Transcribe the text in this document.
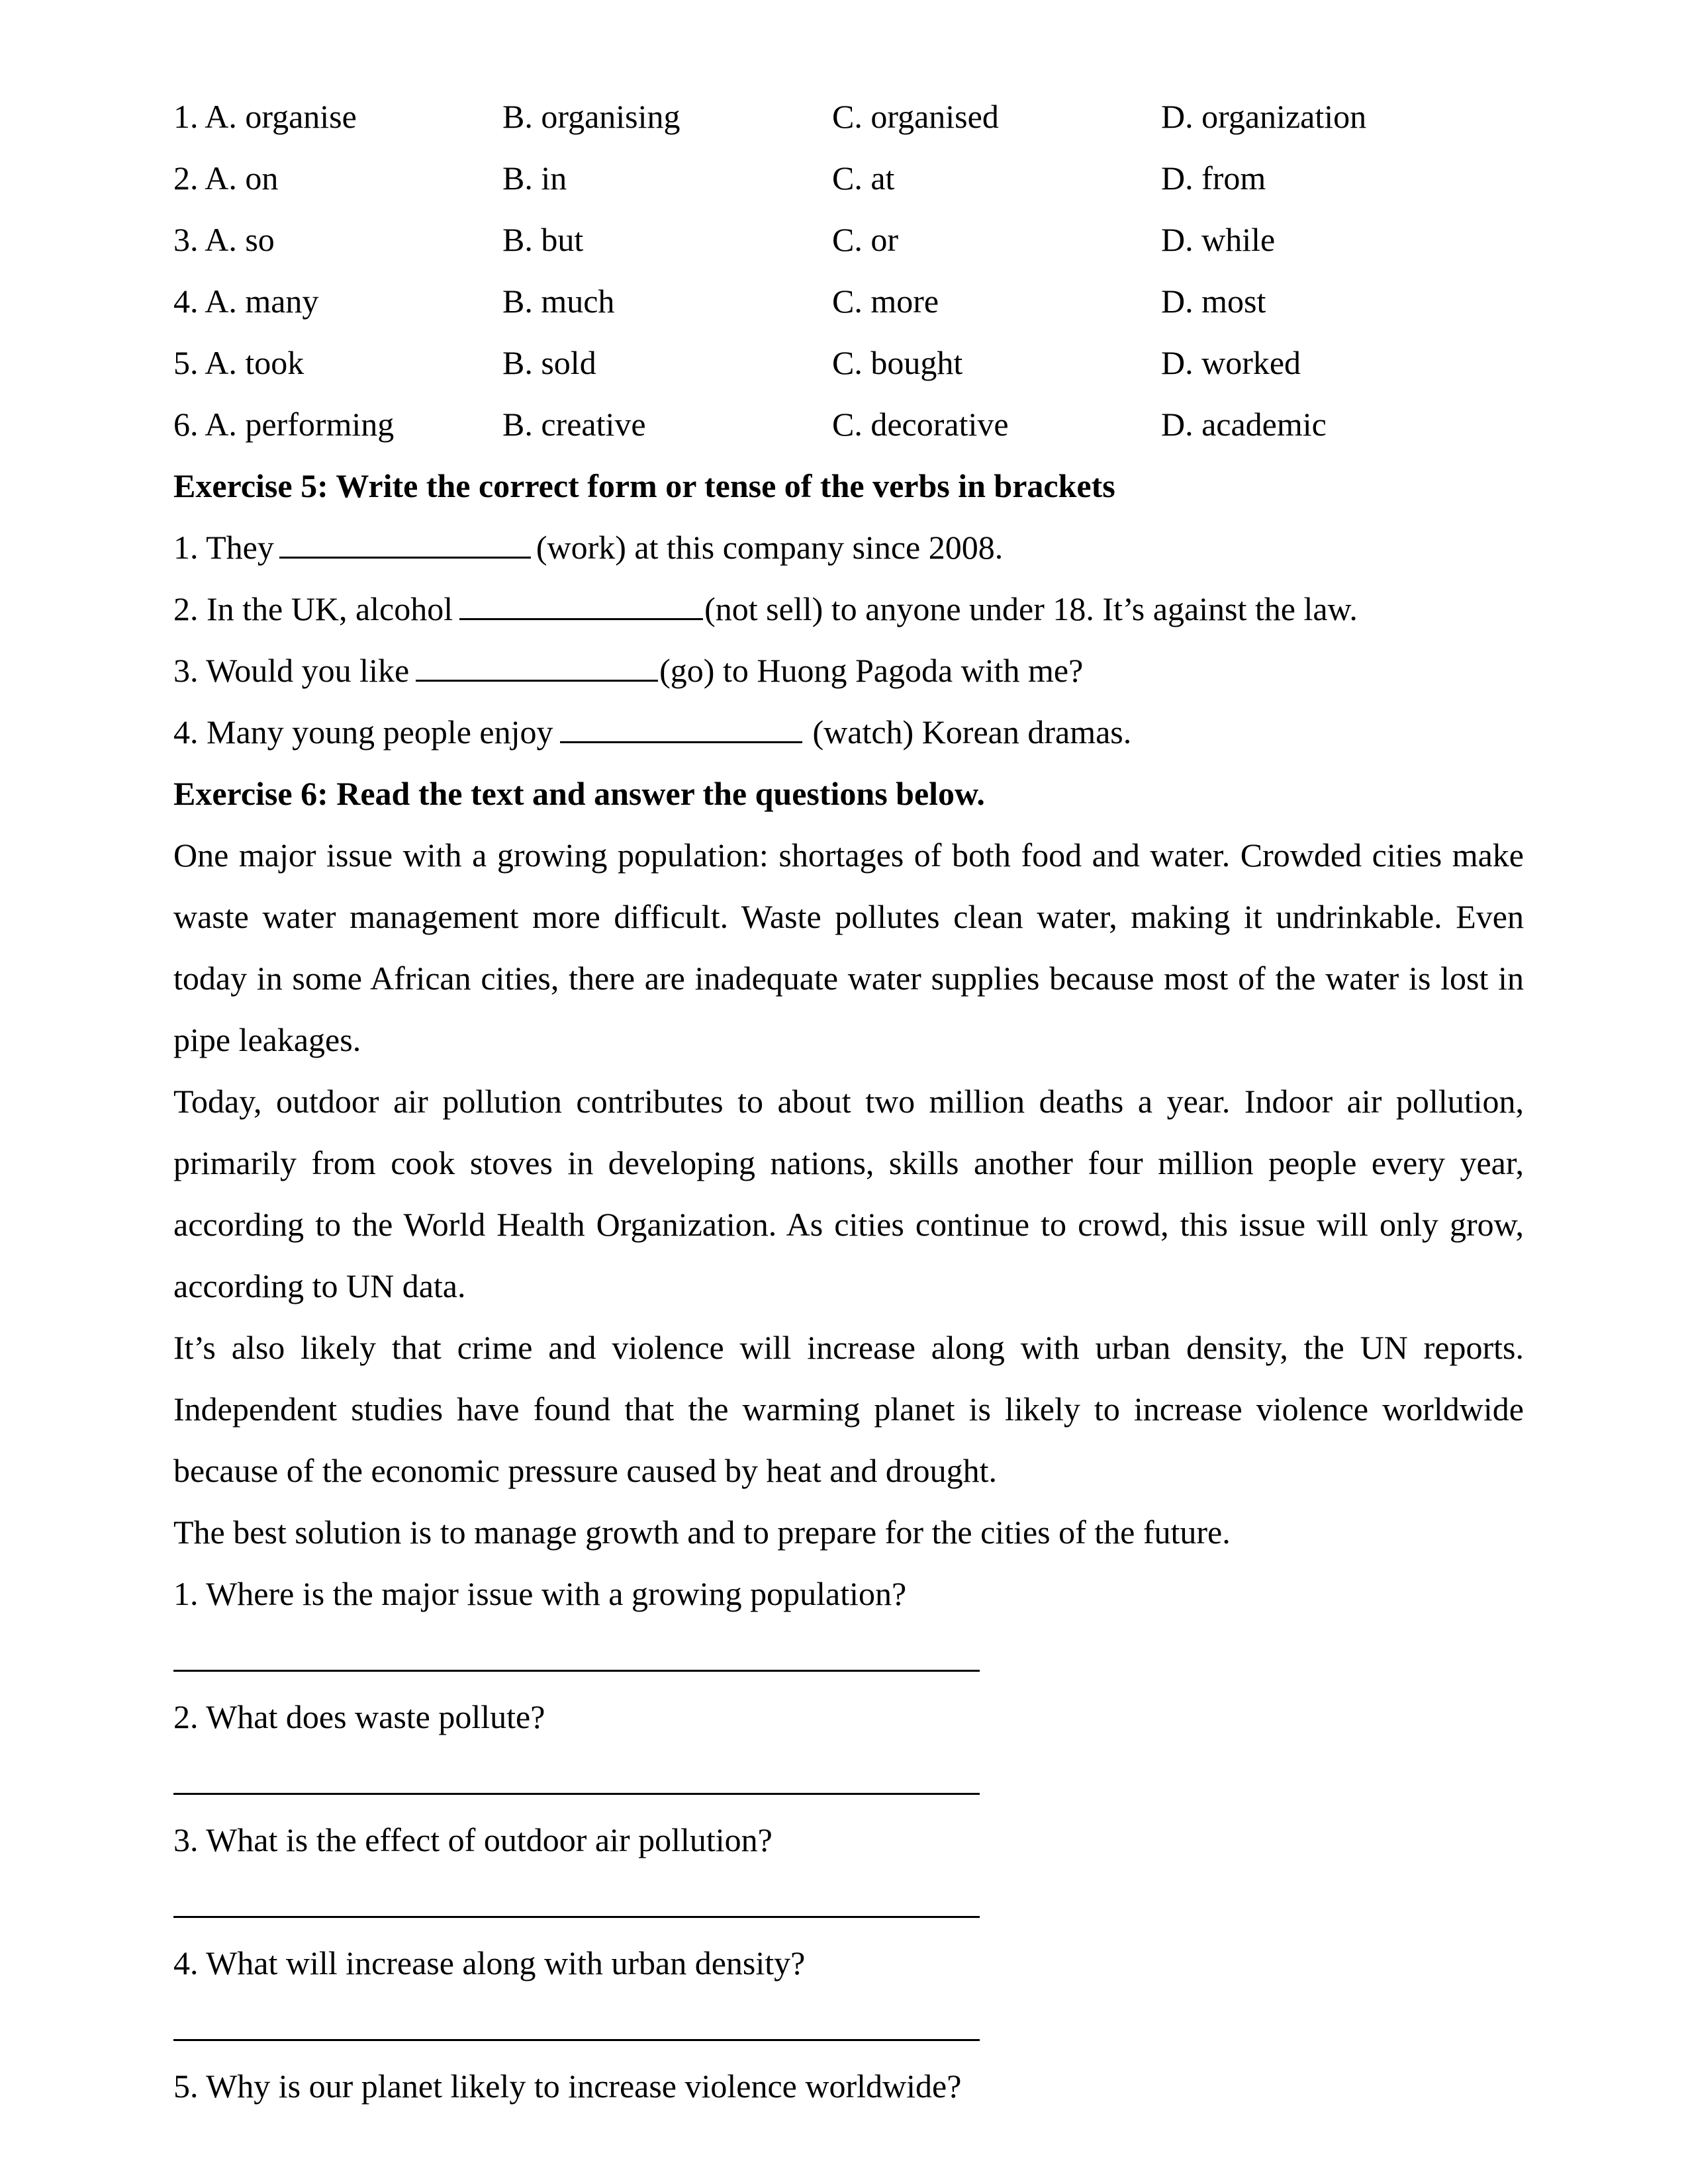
1. A. organise	B. organising	C. organised	D. organization
2. A. on	B. in	C. at	D. from
3. A. so	B. but	C. or	D. while
4. A. many	B. much	C. more	D. most
5. A. took	B. sold	C. bought	D. worked
6. A. performing	B. creative	C. decorative	D. academic
Exercise 5: Write the correct form or tense of the verbs in brackets
1. They	(work) at this company since 2008.
2. In the UK, alcohol	(not sell) to anyone under 18. It’s against the law.
3. Would you like	(go) to Huong Pagoda with me?
4. Many young people enjoy	(watch) Korean dramas.
Exercise 6: Read the text and answer the questions below.

One major issue with a growing population: shortages of both food and water. Crowded cities make waste water management more difficult. Waste pollutes clean water, making it undrinkable. Even today in some African cities, there are inadequate water supplies because most of the water is lost in pipe leakages.

Today, outdoor air pollution contributes to about two million deaths a year. Indoor air pollution, primarily from cook stoves in developing nations, skills another four million people every year, according to the World Health Organization. As cities continue to crowd, this issue will only grow, according to UN data.

It’s also likely that crime and violence will increase along with urban density, the UN reports. Independent studies have found that the warming planet is likely to increase violence worldwide because of the economic pressure caused by heat and drought.

The best solution is to manage growth and to prepare for the cities of the future.

1. Where is the major issue with a growing population?
2. What does waste pollute?
3. What is the effect of outdoor air pollution?
4. What will increase along with urban density?
5. Why is our planet likely to increase violence worldwide?
